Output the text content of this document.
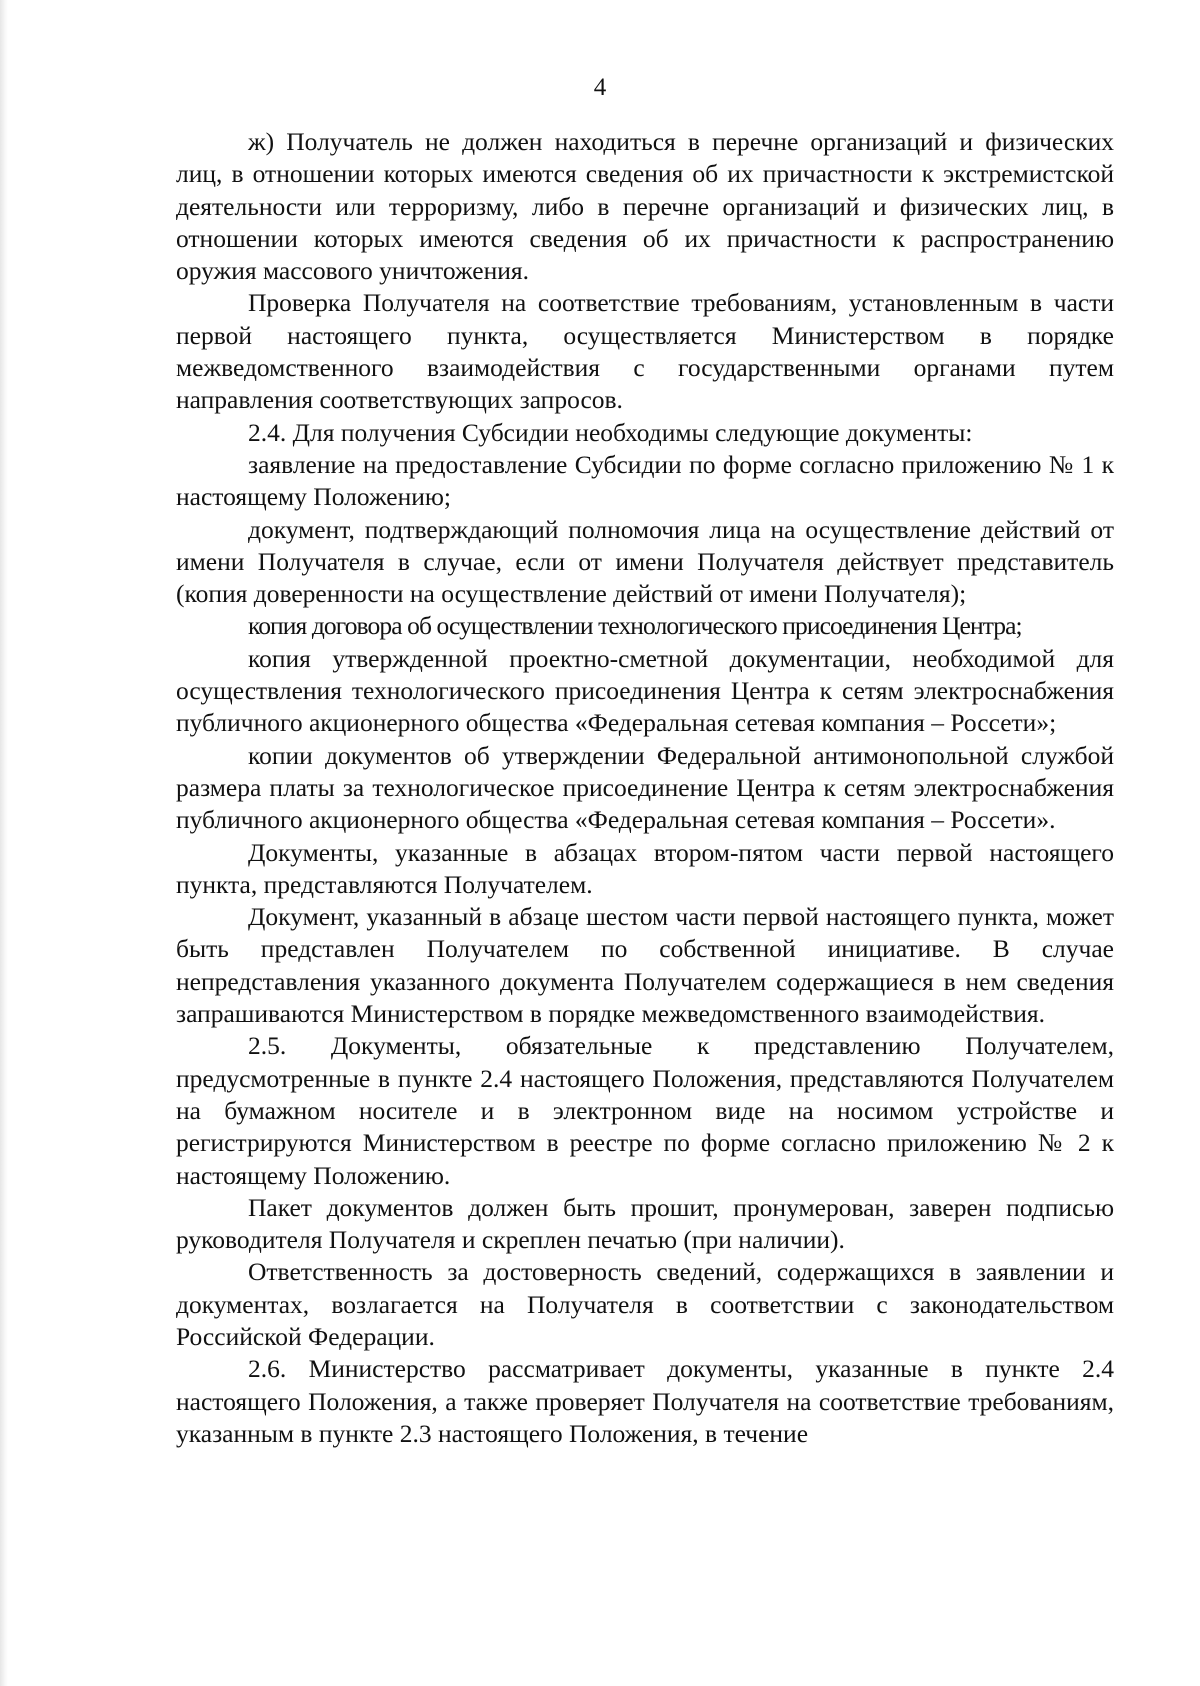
4

ж) Получатель не должен находиться в перечне организаций и физических лиц, в отношении которых имеются сведения об их причастности к экстремистской деятельности или терроризму, либо в перечне организаций и физических лиц, в отношении которых имеются сведения об их причастности к распространению оружия массового уничтожения.

Проверка Получателя на соответствие требованиям, установленным в части первой настоящего пункта, осуществляется Министерством в порядке межведомственного взаимодействия с государственными органами путем направления соответствующих запросов.

2.4. Для получения Субсидии необходимы следующие документы:

заявление на предоставление Субсидии по форме согласно приложению № 1 к настоящему Положению;

документ, подтверждающий полномочия лица на осуществление действий от имени Получателя в случае, если от имени Получателя действует представитель (копия доверенности на осуществление действий от имени Получателя);

копия договора об осуществлении технологического присоединения Центра;

копия утвержденной проектно-сметной документации, необходимой для осуществления технологического присоединения Центра к сетям электроснабжения публичного акционерного общества «Федеральная сетевая компания – Россети»;

копии документов об утверждении Федеральной антимонопольной службой размера платы за технологическое присоединение Центра к сетям электроснабжения публичного акционерного общества «Федеральная сетевая компания – Россети».

Документы, указанные в абзацах втором-пятом части первой настоящего пункта, представляются Получателем.

Документ, указанный в абзаце шестом части первой настоящего пункта, может быть представлен Получателем по собственной инициативе. В случае непредставления указанного документа Получателем содержащиеся в нем сведения запрашиваются Министерством в порядке межведомственного взаимодействия.

2.5. Документы, обязательные к представлению Получателем, предусмотренные в пункте 2.4 настоящего Положения, представляются Получателем на бумажном носителе и в электронном виде на носимом устройстве и регистрируются Министерством в реестре по форме согласно приложению № 2 к настоящему Положению.

Пакет документов должен быть прошит, пронумерован, заверен подписью руководителя Получателя и скреплен печатью (при наличии).

Ответственность за достоверность сведений, содержащихся в заявлении и документах, возлагается на Получателя в соответствии с законодательством Российской Федерации.

2.6. Министерство рассматривает документы, указанные в пункте 2.4 настоящего Положения, а также проверяет Получателя на соответствие требованиям, указанным в пункте 2.3 настоящего Положения, в течение
